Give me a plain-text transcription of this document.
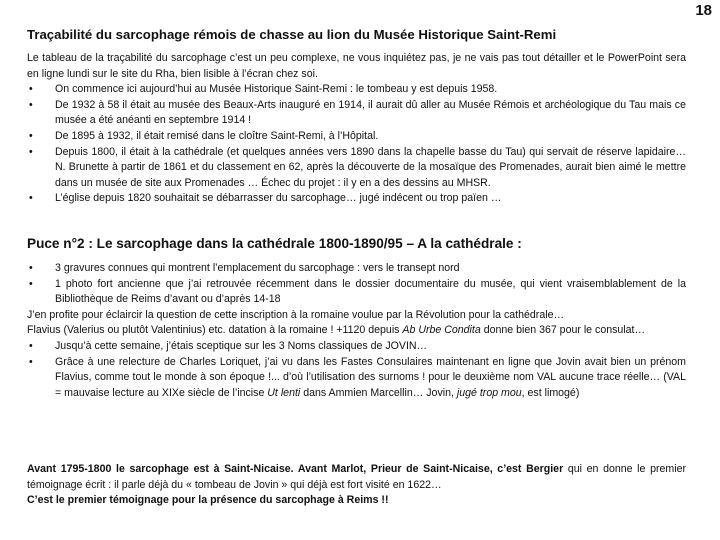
18
Traçabilité du sarcophage rémois de chasse au lion du Musée Historique Saint-Remi

Le tableau de la traçabilité du sarcophage c’est un peu complexe, ne vous inquiétez pas, je ne vais pas tout détailler et le PowerPoint sera en ligne lundi sur le site du Rha, bien lisible à l’écran chez soi.

• On commence ici aujourd’hui au Musée Historique Saint-Remi : le tombeau y est depuis 1958.

• De 1932 à 58 il était au musée des Beaux-Arts inauguré en 1914, il aurait dû aller au Musée Rémois et archéologique du Tau mais ce musée a été anéanti en septembre 1914 !

• De 1895 à 1932, il était remisé dans le cloître Saint-Remi, à l’Hôpital.

• Depuis 1800, il était à la cathédrale (et quelques années vers 1890 dans la chapelle basse du Tau) qui servait de réserve lapidaire… N. Brunette à partir de 1861 et du classement en 62, après la découverte de la mosaïque des Promenades, aurait bien aimé le mettre dans un musée de site aux Promenades … Échec du projet : il y en a des dessins au MHSR.

• L’église depuis 1820 souhaitait se débarrasser du sarcophage… jugé indécent ou trop païen …

Puce n°2 : Le sarcophage dans la cathédrale 1800-1890/95 – A la cathédrale :

• 3 gravures connues qui montrent l’emplacement du sarcophage : vers le transept nord

• 1 photo fort ancienne que j’ai retrouvée récemment dans le dossier documentaire du musée, qui vient vraisemblablement de la Bibliothèque de Reims d’avant ou d’après 14-18

J’en profite pour éclaircir la question de cette inscription à la romaine voulue par la Révolution pour la cathédrale…

Flavius (Valerius ou plutôt Valentinius) etc. datation à la romaine ! +1120 depuis Ab Urbe Condita donne bien 367 pour le consulat…

• Jusqu’à cette semaine, j’étais sceptique sur les 3 Noms classiques de JOVIN…

• Grâce à une relecture de Charles Loriquet, j’ai vu dans les Fastes Consulaires maintenant en ligne que Jovin avait bien un prénom Flavius, comme tout le monde à son époque !... d’où l’utilisation des surnoms ! pour le deuxième nom VAL aucune trace réelle… (VAL = mauvaise lecture au XIXe siècle de l’incise Ut lenti dans Ammien Marcellin… Jovin, jugé trop mou, est limogé)

Avant 1795-1800 le sarcophage est à Saint-Nicaise. Avant Marlot, Prieur de Saint-Nicaise, c’est Bergier qui en donne le premier témoignage écrit : il parle déjà du « tombeau de Jovin » qui déjà est fort visité en 1622…

C’est le premier témoignage pour la présence du sarcophage à Reims !!
